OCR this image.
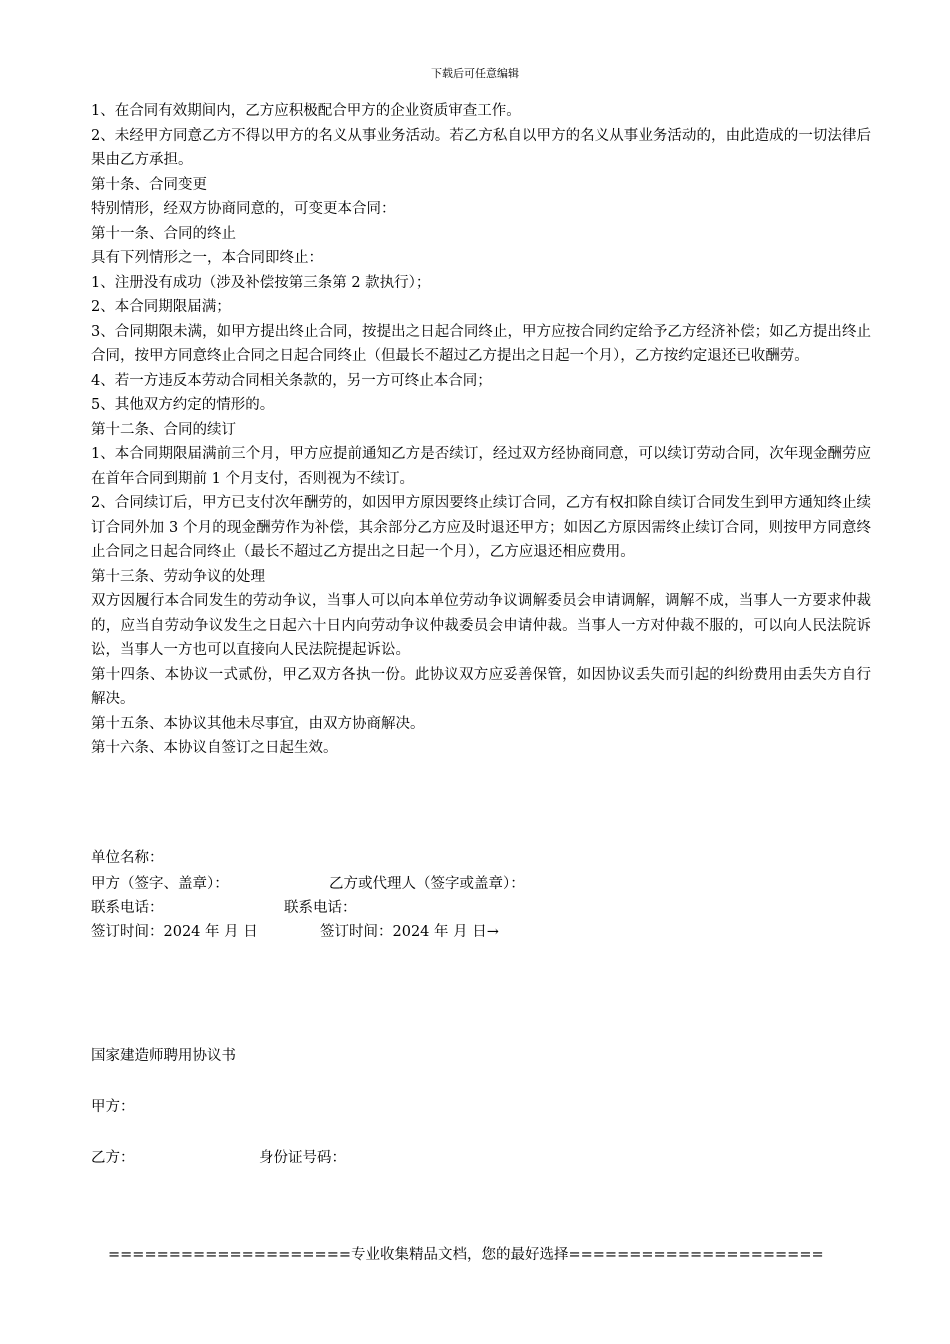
下载后可任意编辑

1、在合同有效期间内，乙方应积极配合甲方的企业资质审查工作。

2、未经甲方同意乙方不得以甲方的名义从事业务活动。若乙方私自以甲方的名义从事业务活动的，由此造成的一切法律后果由乙方承担。

第十条、合同变更

特别情形，经双方协商同意的，可变更本合同：

第十一条、合同的终止

具有下列情形之一，本合同即终止：

1、注册没有成功（涉及补偿按第三条第 2 款执行）；

2、本合同期限届满；

3、合同期限未满，如甲方提出终止合同，按提出之日起合同终止，甲方应按合同约定给予乙方经济补偿；如乙方提出终止合同，按甲方同意终止合同之日起合同终止（但最长不超过乙方提出之日起一个月），乙方按约定退还已收酬劳。

4、若一方违反本劳动合同相关条款的，另一方可终止本合同；

5、其他双方约定的情形的。

第十二条、合同的续订

1、本合同期限届满前三个月，甲方应提前通知乙方是否续订，经过双方经协商同意，可以续订劳动合同，次年现金酬劳应在首年合同到期前 1 个月支付，否则视为不续订。

2、合同续订后，甲方已支付次年酬劳的，如因甲方原因要终止续订合同，乙方有权扣除自续订合同发生到甲方通知终止续订合同外加 3 个月的现金酬劳作为补偿，其余部分乙方应及时退还甲方；如因乙方原因需终止续订合同，则按甲方同意终止合同之日起合同终止（最长不超过乙方提出之日起一个月），乙方应退还相应费用。

第十三条、劳动争议的处理

双方因履行本合同发生的劳动争议，当事人可以向本单位劳动争议调解委员会申请调解，调解不成，当事人一方要求仲裁的，应当自劳动争议发生之日起六十日内向劳动争议仲裁委员会申请仲裁。当事人一方对仲裁不服的，可以向人民法院诉讼，当事人一方也可以直接向人民法院提起诉讼。

第十四条、本协议一式贰份，甲乙双方各执一份。此协议双方应妥善保管，如因协议丢失而引起的纠纷费用由丢失方自行解决。

第十五条、本协议其他未尽事宜，由双方协商解决。

第十六条、本协议自签订之日起生效。

单位名称：
甲方（签字、盖章）：	乙方或代理人（签字或盖章）：
联系电话：	联系电话：
签订时间：2024 年 月 日	签订时间：2024 年 月 日→
国家建造师聘用协议书
甲方：
乙方：	身份证号码：
====================专业收集精品文档，您的最好选择=====================
